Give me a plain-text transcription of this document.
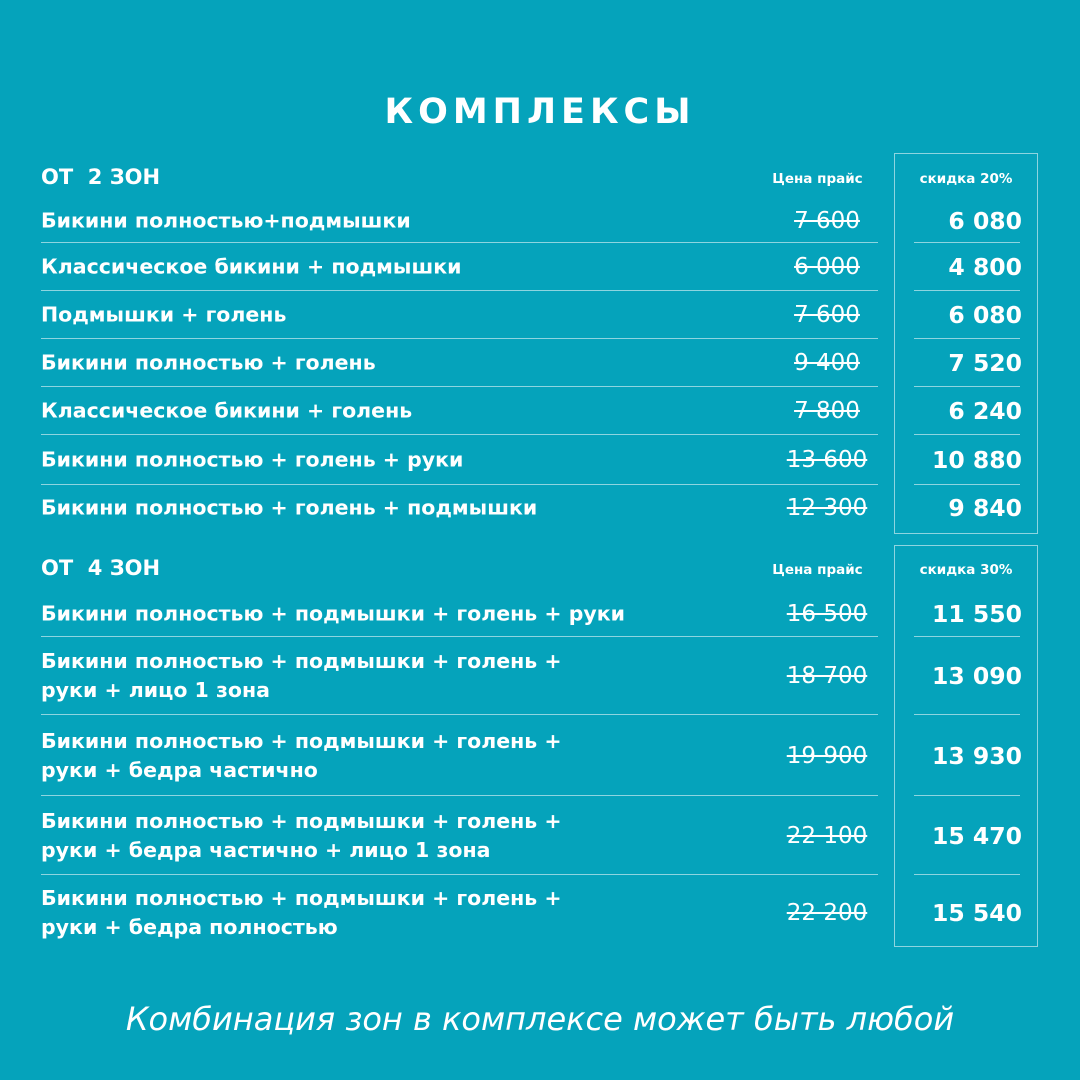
КОМПЛЕКСЫ
ОТ  2 ЗОН	Цена прайс	скидка 20%
Бикини полностью+подмышки	7 600	6 080
Классическое бикини + подмышки	6 000	4 800
Подмышки + голень	7 600	6 080
Бикини полностью + голень	9 400	7 520
Классическое бикини + голень	7 800	6 240
Бикини полностью + голень + руки	13 600	10 880
Бикини полностью + голень + подмышки	12 300	9 840
ОТ  4 ЗОН	Цена прайс	скидка 30%
Бикини полностью + подмышки + голень + руки	16 500	11 550
Бикини полностью + подмышки + голень +
руки + лицо 1 зона
18 700	13 090
Бикини полностью + подмышки + голень +
руки + бедра частично
19 900	13 930
Бикини полностью + подмышки + голень +
руки + бедра частично + лицо 1 зона
22 100	15 470
Бикини полностью + подмышки + голень +
руки + бедра полностью
22 200	15 540
Комбинация зон в комплексе может быть любой
